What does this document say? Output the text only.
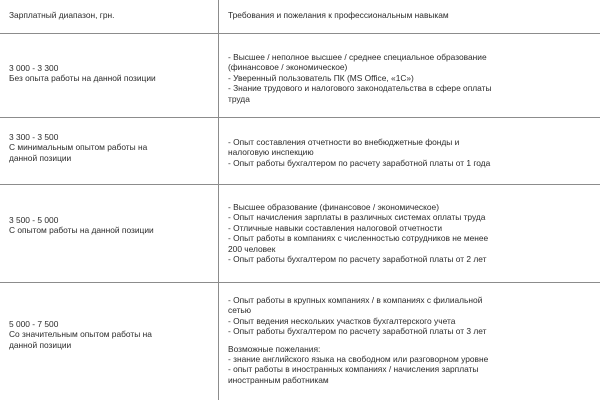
Зарплатный диапазон, грн.	Требования и пожелания к профессиональным навыкам
3 000 - 3 300
Без опыта работы на данной позиции
- Высшее / неполное высшее / среднее специальное образование
(финансовое / экономическое)
- Уверенный пользователь ПК (MS Office, «1С»)
- Знание трудового и налогового законодательства в сфере оплаты
труда
3 300 - 3 500
С минимальным опытом работы на
данной позиции
- Опыт составления отчетности во внебюджетные фонды и
налоговую инспекцию
- Опыт работы бухгалтером по расчету заработной платы от 1 года
3 500 - 5 000
С опытом работы на данной позиции
- Высшее образование (финансовое / экономическое)
- Опыт начисления зарплаты в различных системах оплаты труда
- Отличные навыки составления налоговой отчетности
- Опыт работы в компаниях с численностью сотрудников не менее
200 человек
- Опыт работы бухгалтером по расчету заработной платы от 2 лет
5 000 - 7 500
Со значительным опытом работы на
данной позиции
- Опыт работы в крупных компаниях / в компаниях с филиальной
сетью
- Опыт ведения нескольких участков бухгалтерского учета
- Опыт работы бухгалтером по расчету заработной платы от 3 лет
Возможные пожелания:
- знание английского языка на свободном или разговорном уровне
- опыт работы в иностранных компаниях / начисления зарплаты
иностранным работникам
